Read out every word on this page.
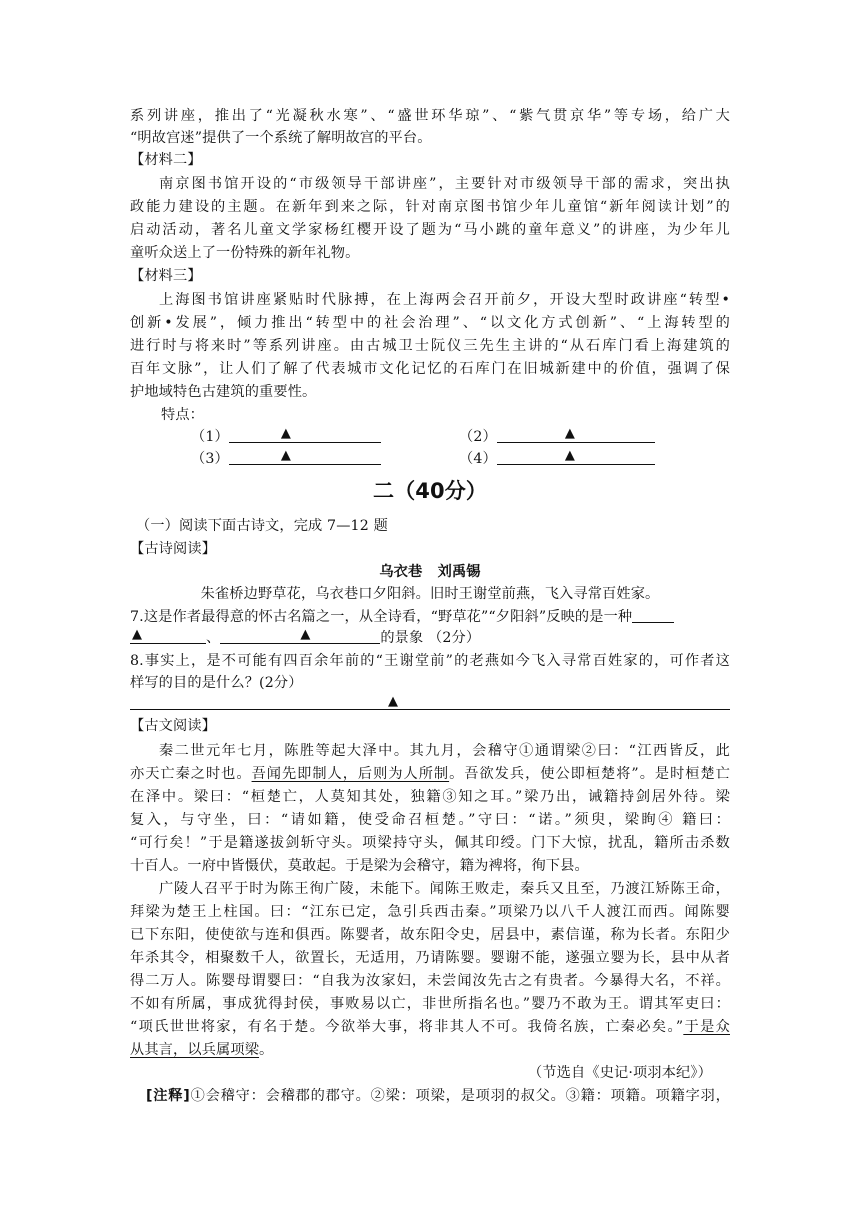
系列讲座，推出了“光凝秋水寒”、“盛世环华琼”、“紫气贯京华”等专场，给广大
“明故宫迷”提供了一个系统了解明故宫的平台。
【材料二】
南京图书馆开设的“市级领导干部讲座”，主要针对市级领导干部的需求，突出执
政能力建设的主题。在新年到来之际，针对南京图书馆少年儿童馆“新年阅读计划”的
启动活动，著名儿童文学家杨红樱开设了题为“马小跳的童年意义”的讲座，为少年儿
童听众送上了一份特殊的新年礼物。
【材料三】
上海图书馆讲座紧贴时代脉搏，在上海两会召开前夕，开设大型时政讲座“转型•
创新•发展”，倾力推出“转型中的社会治理”、“以文化方式创新”、“上海转型的
进行时与将来时”等系列讲座。由古城卫士阮仪三先生主讲的“从石库门看上海建筑的
百年文脉”，让人们了解了代表城市文化记忆的石库门在旧城新建中的价值，强调了保
护地域特色古建筑的重要性。
特点：
（1）	▲	（2）	▲
（3）	▲	（4）	▲
二（40分）
（一）阅读下面古诗文，完成 7—12 题
【古诗阅读】
乌衣巷   刘禹锡
朱雀桥边野草花，乌衣巷口夕阳斜。旧时王谢堂前燕，飞入寻常百姓家。
7.这是作者最得意的怀古名篇之一，从全诗看，“野草花”“夕阳斜”反映的是一种
▲	、	▲	的景象 （2分）
8.事实上，是不可能有四百余年前的“王谢堂前”的老燕如今飞入寻常百姓家的，可作者这
样写的目的是什么？(2分）
▲
【古文阅读】
秦二世元年七月，陈胜等起大泽中。其九月，会稽守①通谓梁②曰：“江西皆反，此
亦天亡秦之时也。吾闻先即制人，后则为人所制。吾欲发兵，使公即桓楚将”。是时桓楚亡
在泽中。梁曰：“桓楚亡，人莫知其处，独籍③知之耳。”梁乃出，诫籍持剑居外待。梁
复入，与守坐，曰：“请如籍，使受命召桓楚。”守曰：“诺。”须臾，梁眴④ 籍曰：
“可行矣！”于是籍遂拔剑斩守头。项梁持守头，佩其印绶。门下大惊，扰乱，籍所击杀数
十百人。一府中皆慑伏，莫敢起。于是梁为会稽守，籍为裨将，徇下县。
广陵人召平于时为陈王徇广陵，未能下。闻陈王败走，秦兵又且至，乃渡江矫陈王命，
拜梁为楚王上柱国。曰：“江东已定，急引兵西击秦。”项梁乃以八千人渡江而西。闻陈婴
已下东阳，使使欲与连和俱西。陈婴者，故东阳令史，居县中，素信谨，称为长者。东阳少
年杀其令，相聚数千人，欲置长，无适用，乃请陈婴。婴谢不能，遂强立婴为长，县中从者
得二万人。陈婴母谓婴曰：“自我为汝家妇，未尝闻汝先古之有贵者。今暴得大名，不祥。
不如有所属，事成犹得封侯，事败易以亡，非世所指名也。”婴乃不敢为王。谓其军吏曰：
“项氏世世将家，有名于楚。今欲举大事，将非其人不可。我倚名族，亡秦必矣。”于是众
从其言，以兵属项梁。
（节选自《史记·项羽本纪》）
[注释]①会稽守：会稽郡的郡守。②梁：项梁，是项羽的叔父。③籍：项籍。项籍字羽，
